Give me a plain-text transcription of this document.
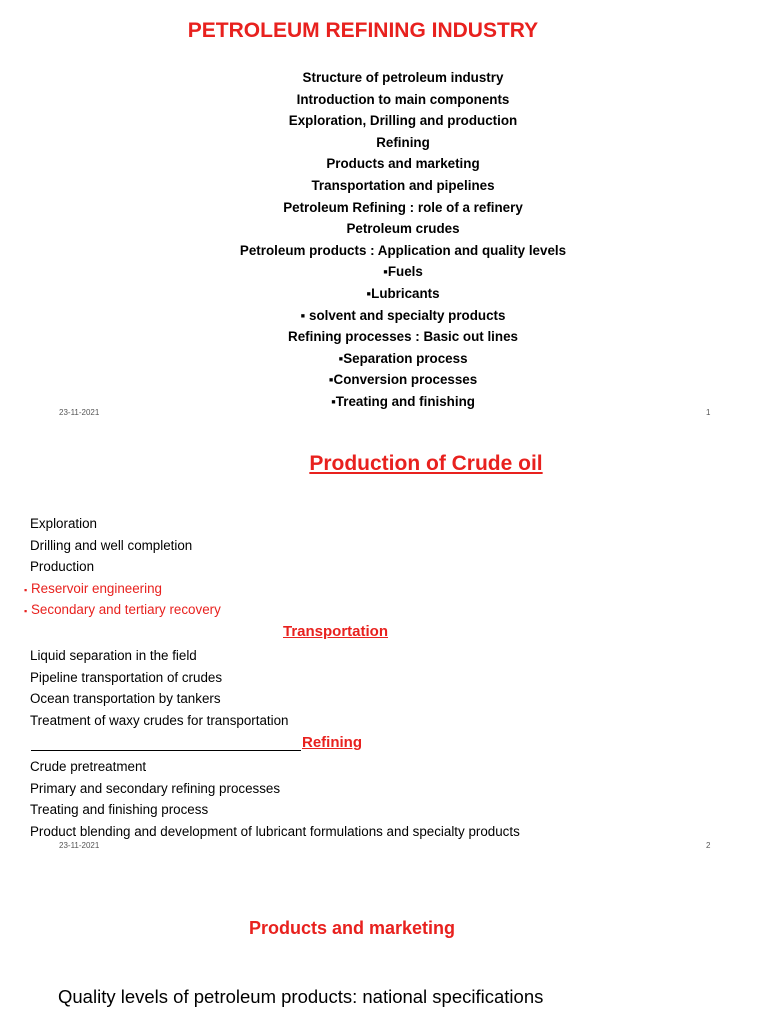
PETROLEUM REFINING INDUSTRY
Structure of petroleum industry
Introduction to main components
Exploration, Drilling and production
Refining
Products and marketing
Transportation and pipelines
Petroleum Refining : role of a refinery
Petroleum crudes
Petroleum products : Application and quality levels
▪Fuels
▪Lubricants
▪ solvent and specialty products
Refining processes : Basic out lines
▪Separation process
▪Conversion processes
▪Treating and finishing
23-11-2021	1
Production of Crude oil
Exploration
Drilling and well completion
Production
▪ Reservoir engineering
▪ Secondary and tertiary recovery
Transportation
Liquid separation in the field
Pipeline transportation of crudes
Ocean transportation by tankers
Treatment of waxy crudes for transportation
Refining
Crude pretreatment
Primary and secondary refining processes
Treating and finishing process
Product blending and development of lubricant formulations and specialty products
23-11-2021	2
Products and marketing
Quality levels of petroleum products: national specifications
